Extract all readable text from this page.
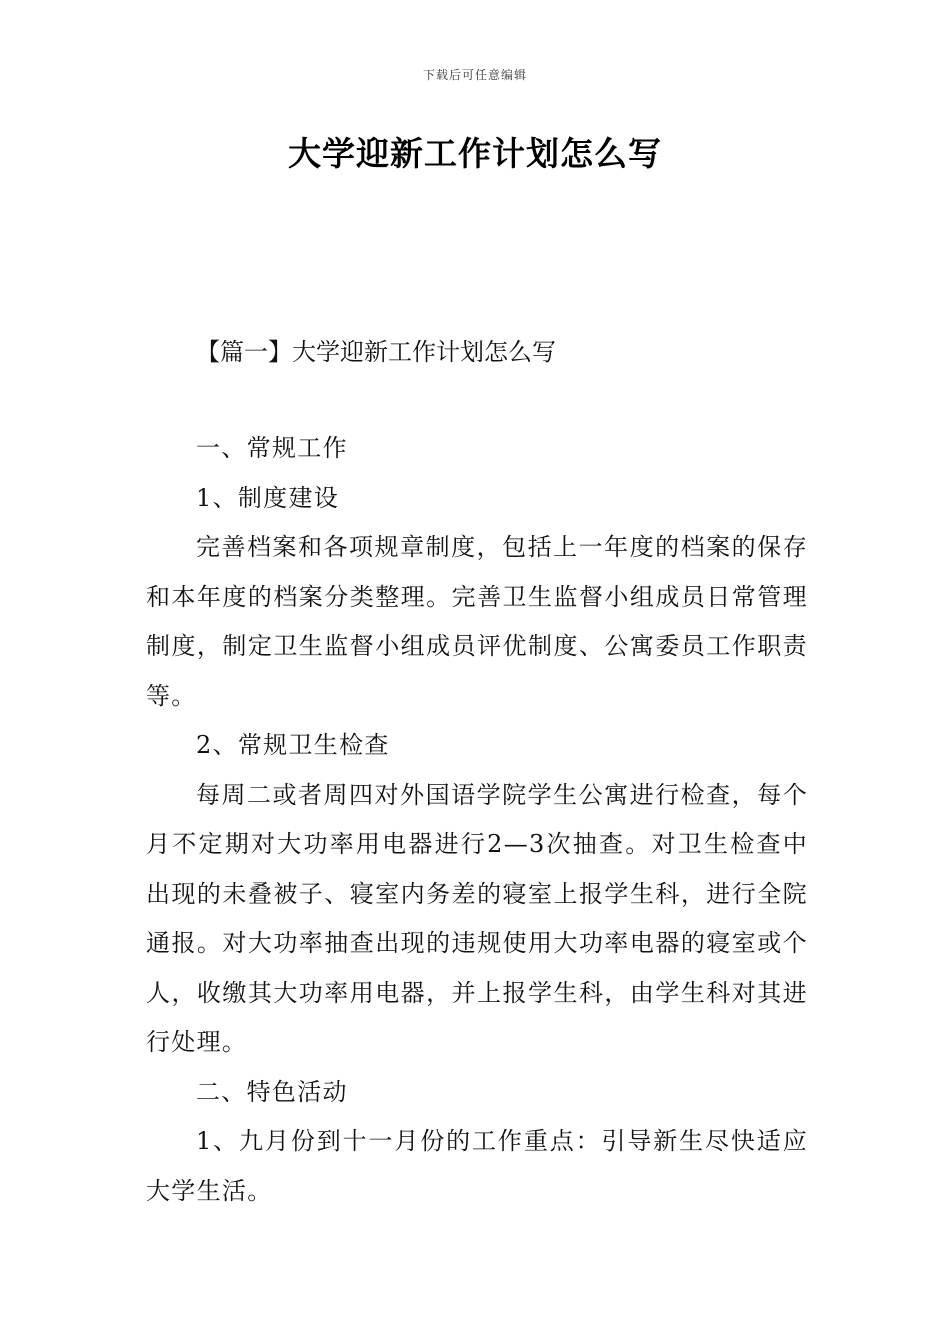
下载后可任意编辑
大学迎新工作计划怎么写
【篇一】大学迎新工作计划怎么写

一、常规工作

1、制度建设

完善档案和各项规章制度，包括上一年度的档案的保存和本年度的档案分类整理。完善卫生监督小组成员日常管理制度，制定卫生监督小组成员评优制度、公寓委员工作职责等。

2、常规卫生检查

每周二或者周四对外国语学院学生公寓进行检查，每个月不定期对大功率用电器进行2—3次抽查。对卫生检查中出现的未叠被子、寝室内务差的寝室上报学生科，进行全院通报。对大功率抽查出现的违规使用大功率电器的寝室或个人，收缴其大功率用电器，并上报学生科，由学生科对其进行处理。

二、特色活动

1、九月份到十一月份的工作重点：引导新生尽快适应大学生活。
